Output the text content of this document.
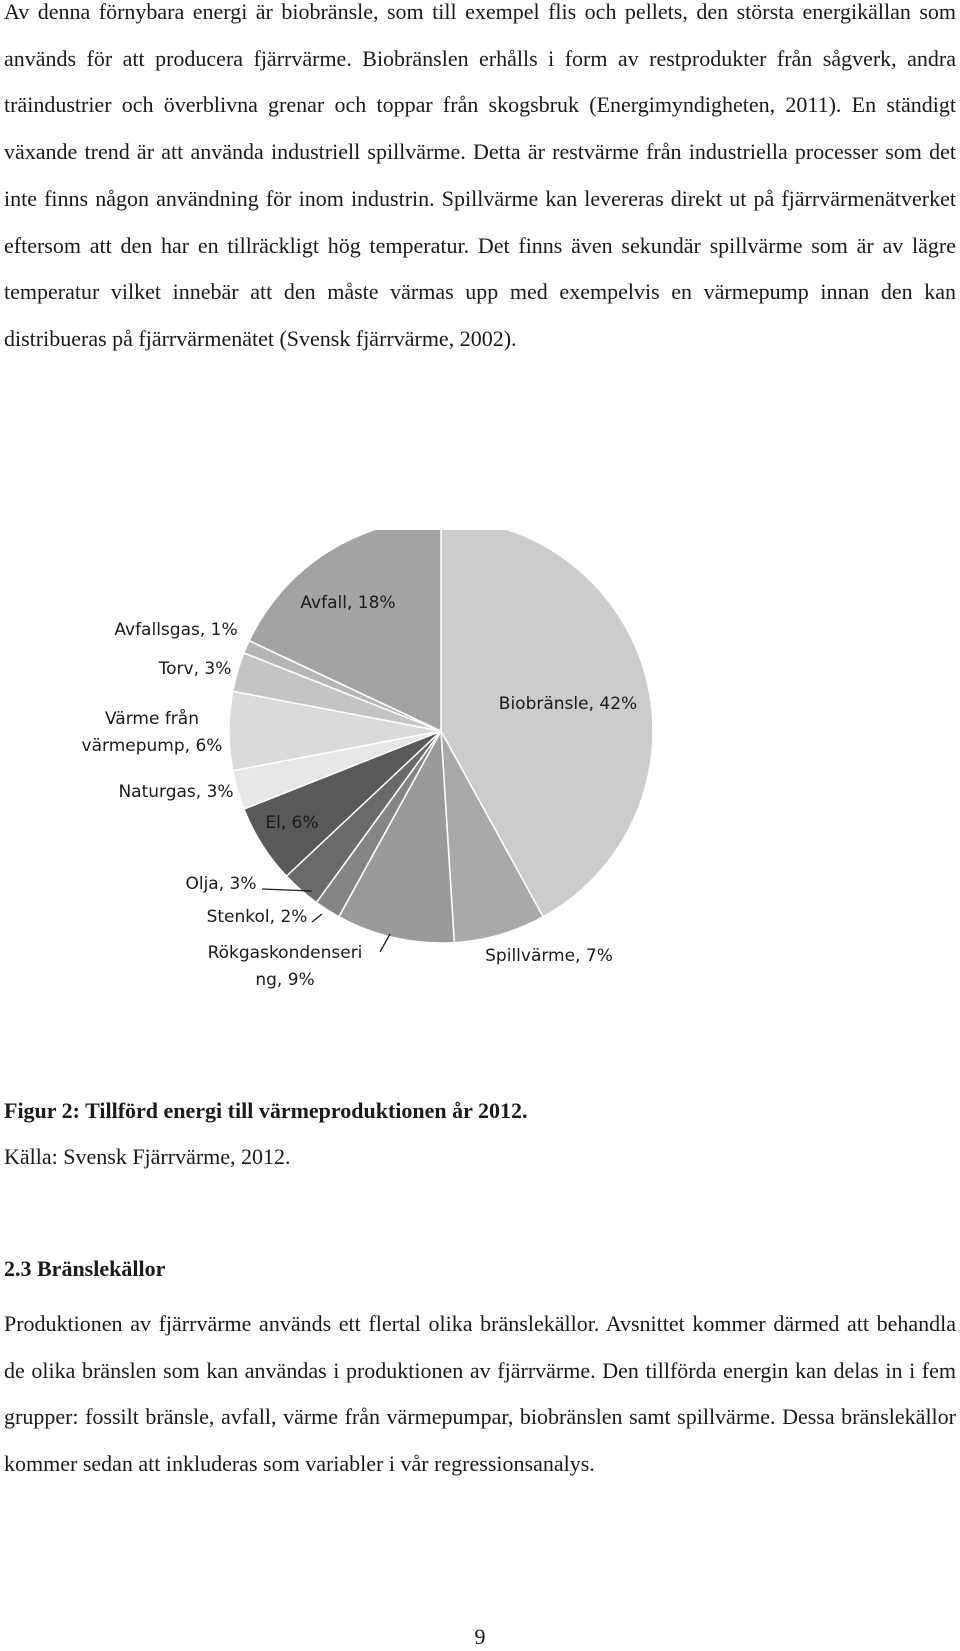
Av denna förnybara energi är biobränsle, som till exempel flis och pellets, den största energikällan som används för att producera fjärrvärme. Biobränslen erhålls i form av restprodukter från sågverk, andra träindustrier och överblivna grenar och toppar från skogsbruk (Energimyndigheten, 2011). En ständigt växande trend är att använda industriell spillvärme. Detta är restvärme från industriella processer som det inte finns någon användning för inom industrin. Spillvärme kan levereras direkt ut på fjärrvärmenätverket eftersom att den har en tillräckligt hög temperatur. Det finns även sekundär spillvärme som är av lägre temperatur vilket innebär att den måste värmas upp med exempelvis en värmepump innan den kan distribueras på fjärrvärmenätet (Svensk fjärrvärme, 2002).

Biobränsle, 42%
Spillvärme, 7%
Rökgaskondenseri ng, 9%
Stenkol, 2%
Olja, 3%
El, 6%
Naturgas, 3%
Värme från värmepump, 6%
Torv, 3%
Avfallsgas, 1%
Avfall, 18%

Figur 2: Tillförd energi till värmeproduktionen år 2012.

Källa: Svensk Fjärrvärme, 2012.

2.3 Bränslekällor

Produktionen av fjärrvärme används ett flertal olika bränslekällor. Avsnittet kommer därmed att behandla de olika bränslen som kan användas i produktionen av fjärrvärme. Den tillförda energin kan delas in i fem grupper: fossilt bränsle, avfall, värme från värmepumpar, biobränslen samt spillvärme. Dessa bränslekällor kommer sedan att inkluderas som variabler i vår regressionsanalys.

9
